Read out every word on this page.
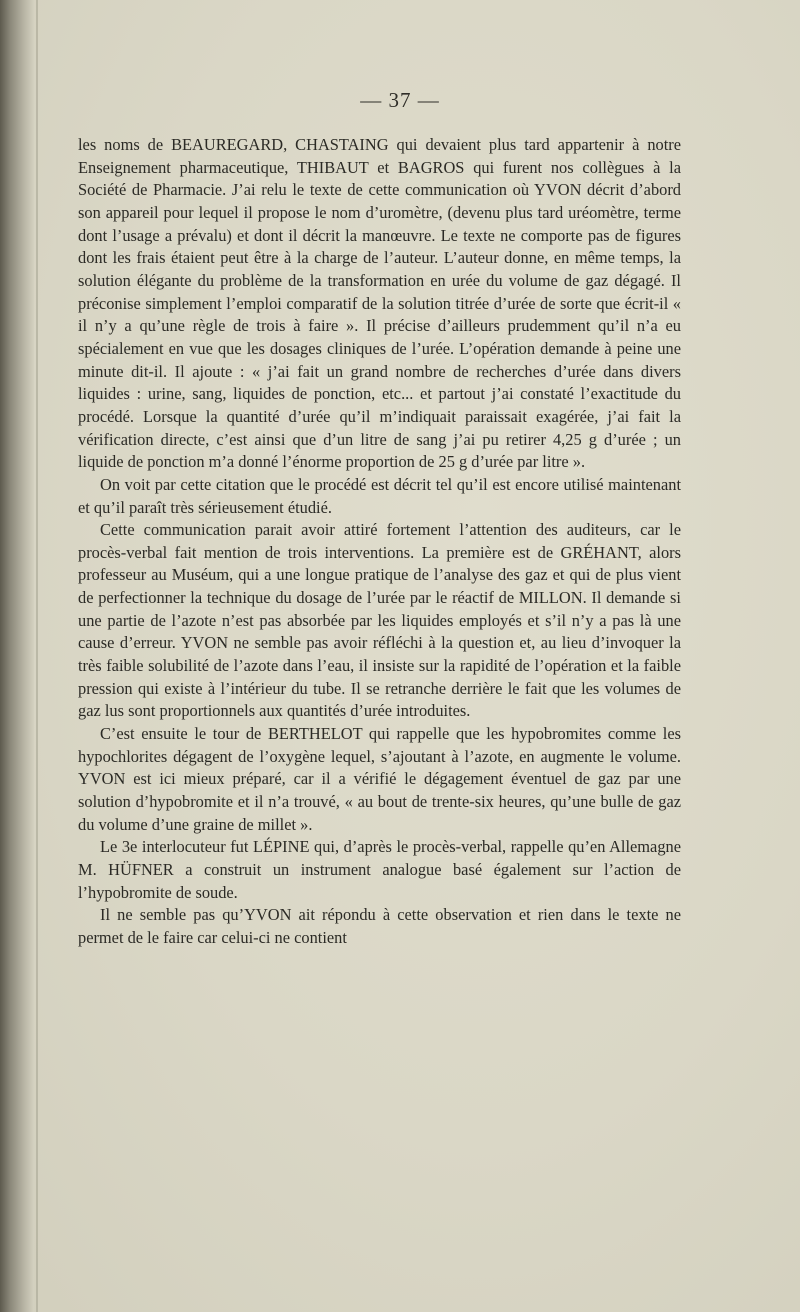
— 37 —

les noms de BEAUREGARD, CHASTAING qui devaient plus tard appartenir à notre Enseignement pharmaceutique, THIBAUT et BAGROS qui furent nos collègues à la Société de Pharmacie. J’ai relu le texte de cette communication où YVON décrit d’abord son appareil pour lequel il propose le nom d’uromètre, (devenu plus tard uréomètre, terme dont l’usage a prévalu) et dont il décrit la manœuvre. Le texte ne comporte pas de figures dont les frais étaient peut être à la charge de l’auteur. L’auteur donne, en même temps, la solution élégante du problème de la transformation en urée du volume de gaz dégagé. Il préconise simplement l’emploi comparatif de la solution titrée d’urée de sorte que écrit-il « il n’y a qu’une règle de trois à faire ». Il précise d’ailleurs prudemment qu’il n’a eu spécialement en vue que les dosages cliniques de l’urée. L’opération demande à peine une minute dit-il. Il ajoute : « j’ai fait un grand nombre de recherches d’urée dans divers liquides : urine, sang, liquides de ponction, etc... et partout j’ai constaté l’exactitude du procédé. Lorsque la quantité d’urée qu’il m’indiquait paraissait exagérée, j’ai fait la vérification directe, c’est ainsi que d’un litre de sang j’ai pu retirer 4,25 g d’urée ; un liquide de ponction m’a donné l’énorme proportion de 25 g d’urée par litre ».

On voit par cette citation que le procédé est décrit tel qu’il est encore utilisé maintenant et qu’il paraît très sérieusement étudié.

Cette communication parait avoir attiré fortement l’attention des auditeurs, car le procès-verbal fait mention de trois interventions. La première est de GRÉHANT, alors professeur au Muséum, qui a une longue pratique de l’analyse des gaz et qui de plus vient de perfectionner la technique du dosage de l’urée par le réactif de MILLON. Il demande si une partie de l’azote n’est pas absorbée par les liquides employés et s’il n’y a pas là une cause d’erreur. YVON ne semble pas avoir réfléchi à la question et, au lieu d’invoquer la très faible solubilité de l’azote dans l’eau, il insiste sur la rapidité de l’opération et la faible pression qui existe à l’intérieur du tube. Il se retranche derrière le fait que les volumes de gaz lus sont proportionnels aux quantités d’urée introduites.

C’est ensuite le tour de BERTHELOT qui rappelle que les hypobromites comme les hypochlorites dégagent de l’oxygène lequel, s’ajoutant à l’azote, en augmente le volume. YVON est ici mieux préparé, car il a vérifié le dégagement éventuel de gaz par une solution d’hypobromite et il n’a trouvé, « au bout de trente-six heures, qu’une bulle de gaz du volume d’une graine de millet ».

Le 3e interlocuteur fut LÉPINE qui, d’après le procès-verbal, rappelle qu’en Allemagne M. HÜFNER a construit un instrument analogue basé également sur l’action de l’hypobromite de soude.

Il ne semble pas qu’YVON ait répondu à cette observation et rien dans le texte ne permet de le faire car celui-ci ne contient
